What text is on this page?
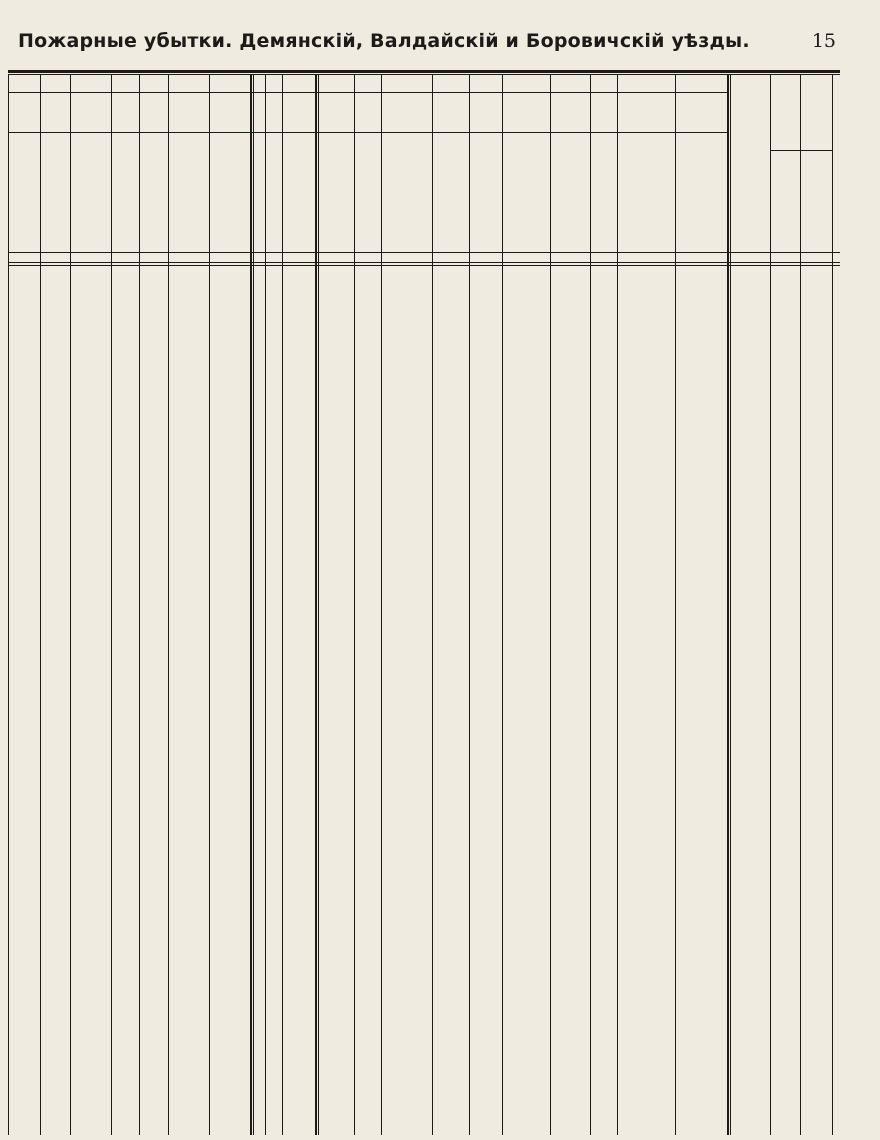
Пожарные убытки. Демянскій, Валдайскій и Боровичскій уѣзды.	15
